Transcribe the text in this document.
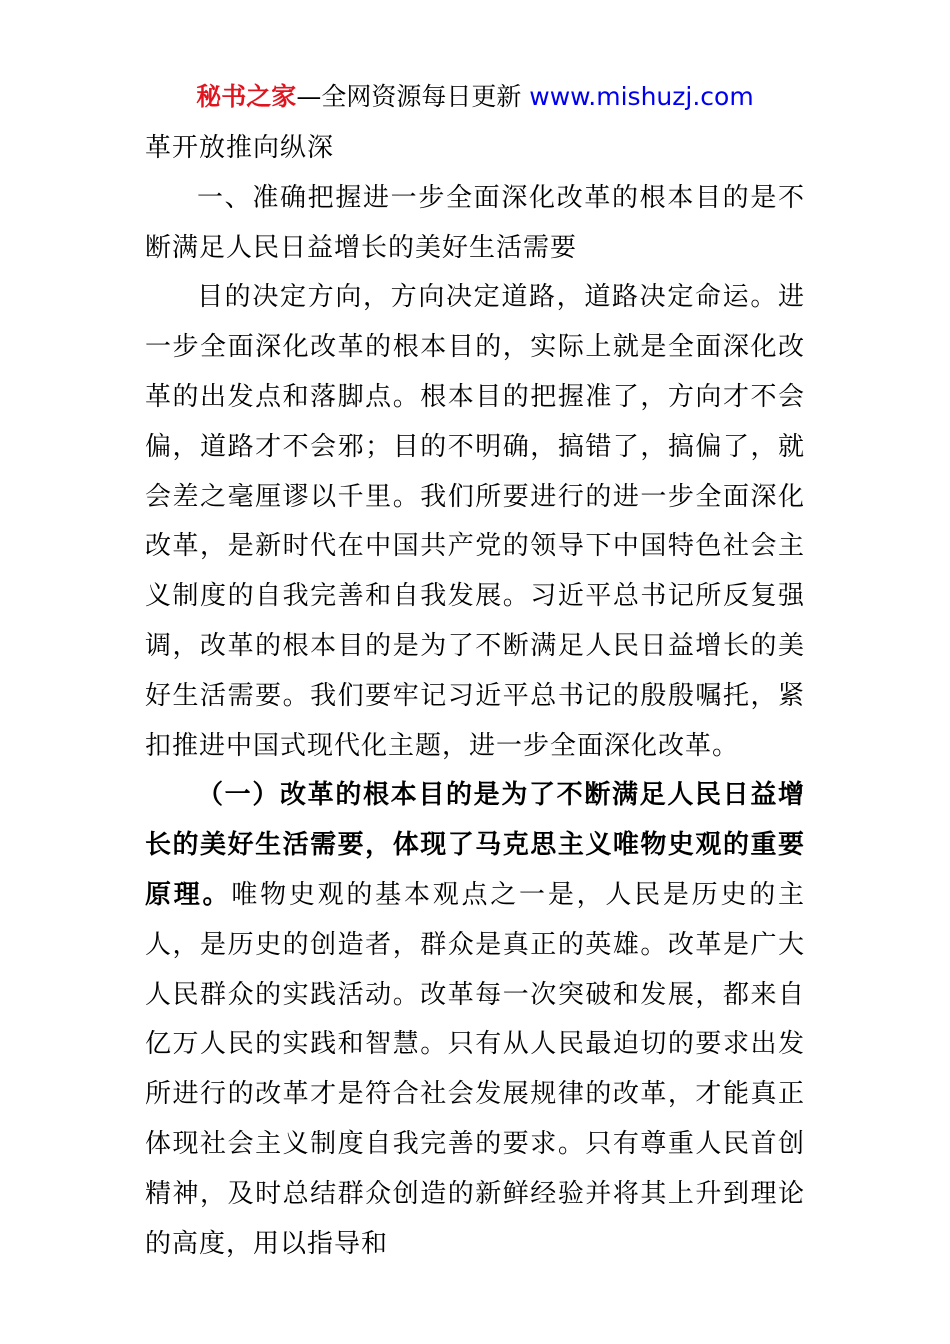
秘书之家—全网资源每日更新 www.mishuzj.com

革开放推向纵深

一、准确把握进一步全面深化改革的根本目的是不断满足人民日益增长的美好生活需要

目的决定方向，方向决定道路，道路决定命运。进一步全面深化改革的根本目的，实际上就是全面深化改革的出发点和落脚点。根本目的把握准了，方向才不会偏，道路才不会邪；目的不明确，搞错了，搞偏了，就会差之毫厘谬以千里。我们所要进行的进一步全面深化改革，是新时代在中国共产党的领导下中国特色社会主义制度的自我完善和自我发展。习近平总书记所反复强调，改革的根本目的是为了不断满足人民日益增长的美好生活需要。我们要牢记习近平总书记的殷殷嘱托，紧扣推进中国式现代化主题，进一步全面深化改革。

（一）改革的根本目的是为了不断满足人民日益增长的美好生活需要，体现了马克思主义唯物史观的重要原理。唯物史观的基本观点之一是，人民是历史的主人，是历史的创造者，群众是真正的英雄。改革是广大人民群众的实践活动。改革每一次突破和发展，都来自亿万人民的实践和智慧。只有从人民最迫切的要求出发所进行的改革才是符合社会发展规律的改革，才能真正体现社会主义制度自我完善的要求。只有尊重人民首创精神，及时总结群众创造的新鲜经验并将其上升到理论的高度，用以指导和
